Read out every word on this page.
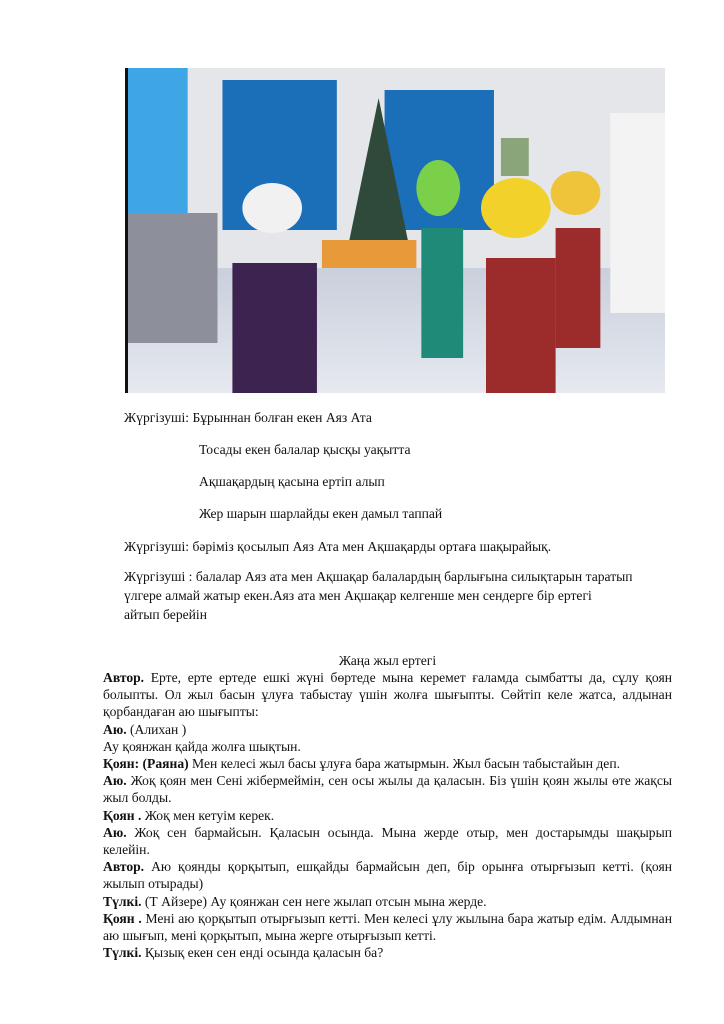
Жүргізуші: Бұрыннан болған екен Аяз Ата
Тосады екен балалар қысқы уақытта
Ақшақардың қасына ертіп алып
Жер шарын шарлайды екен дамыл таппай
Жүргізуші: бәріміз қосылып Аяз Ата мен Ақшақарды ортаға шақырайық.
Жүргізуші : балалар Аяз ата мен Ақшақар балалардың барлығына силықтарын таратып
үлгере алмай жатыр екен.Аяз ата мен Ақшақар келгенше мен сендерге бір ертегі
айтып берейін
Жаңа жыл ертегі

Автор. Ерте, ерте ертеде ешкі жүні бөртеде мына керемет ғаламда сымбатты да, сұлу қоян болыпты. Ол жыл басын ұлуға табыстау үшін жолға шығыпты. Сөйтіп келе жатса, алдынан қорбандаған аю шығыпты:

Аю. (Алихан )

Ау қоянжан қайда жолға шықтын.

Қоян: (Раяна) Мен келесі жыл басы ұлуға бара жатырмын. Жыл басын табыстайын деп.

Аю. Жоқ қоян мен Сені жібермеймін, сен осы жылы да қаласын. Біз үшін қоян жылы өте жақсы жыл болды.

Қоян . Жоқ мен кетуім керек.

Аю. Жоқ сен бармайсын. Қаласын осында. Мына жерде отыр, мен достарымды шақырып келейін.

Автор. Аю қоянды қорқытып, ешқайды бармайсын деп, бір орынға отырғызып кетті. (қоян жылып отырады)

Түлкі. (Т Айзере) Ау қоянжан сен неге жылап отсын мына жерде.

Қоян . Мені аю қорқытып отырғызып кетті. Мен келесі ұлу жылына бара жатыр едім. Алдымнан аю шығып, мені қорқытып, мына жерге отырғызып кетті.

Түлкі. Қызық екен сен енді осында қаласын ба?
